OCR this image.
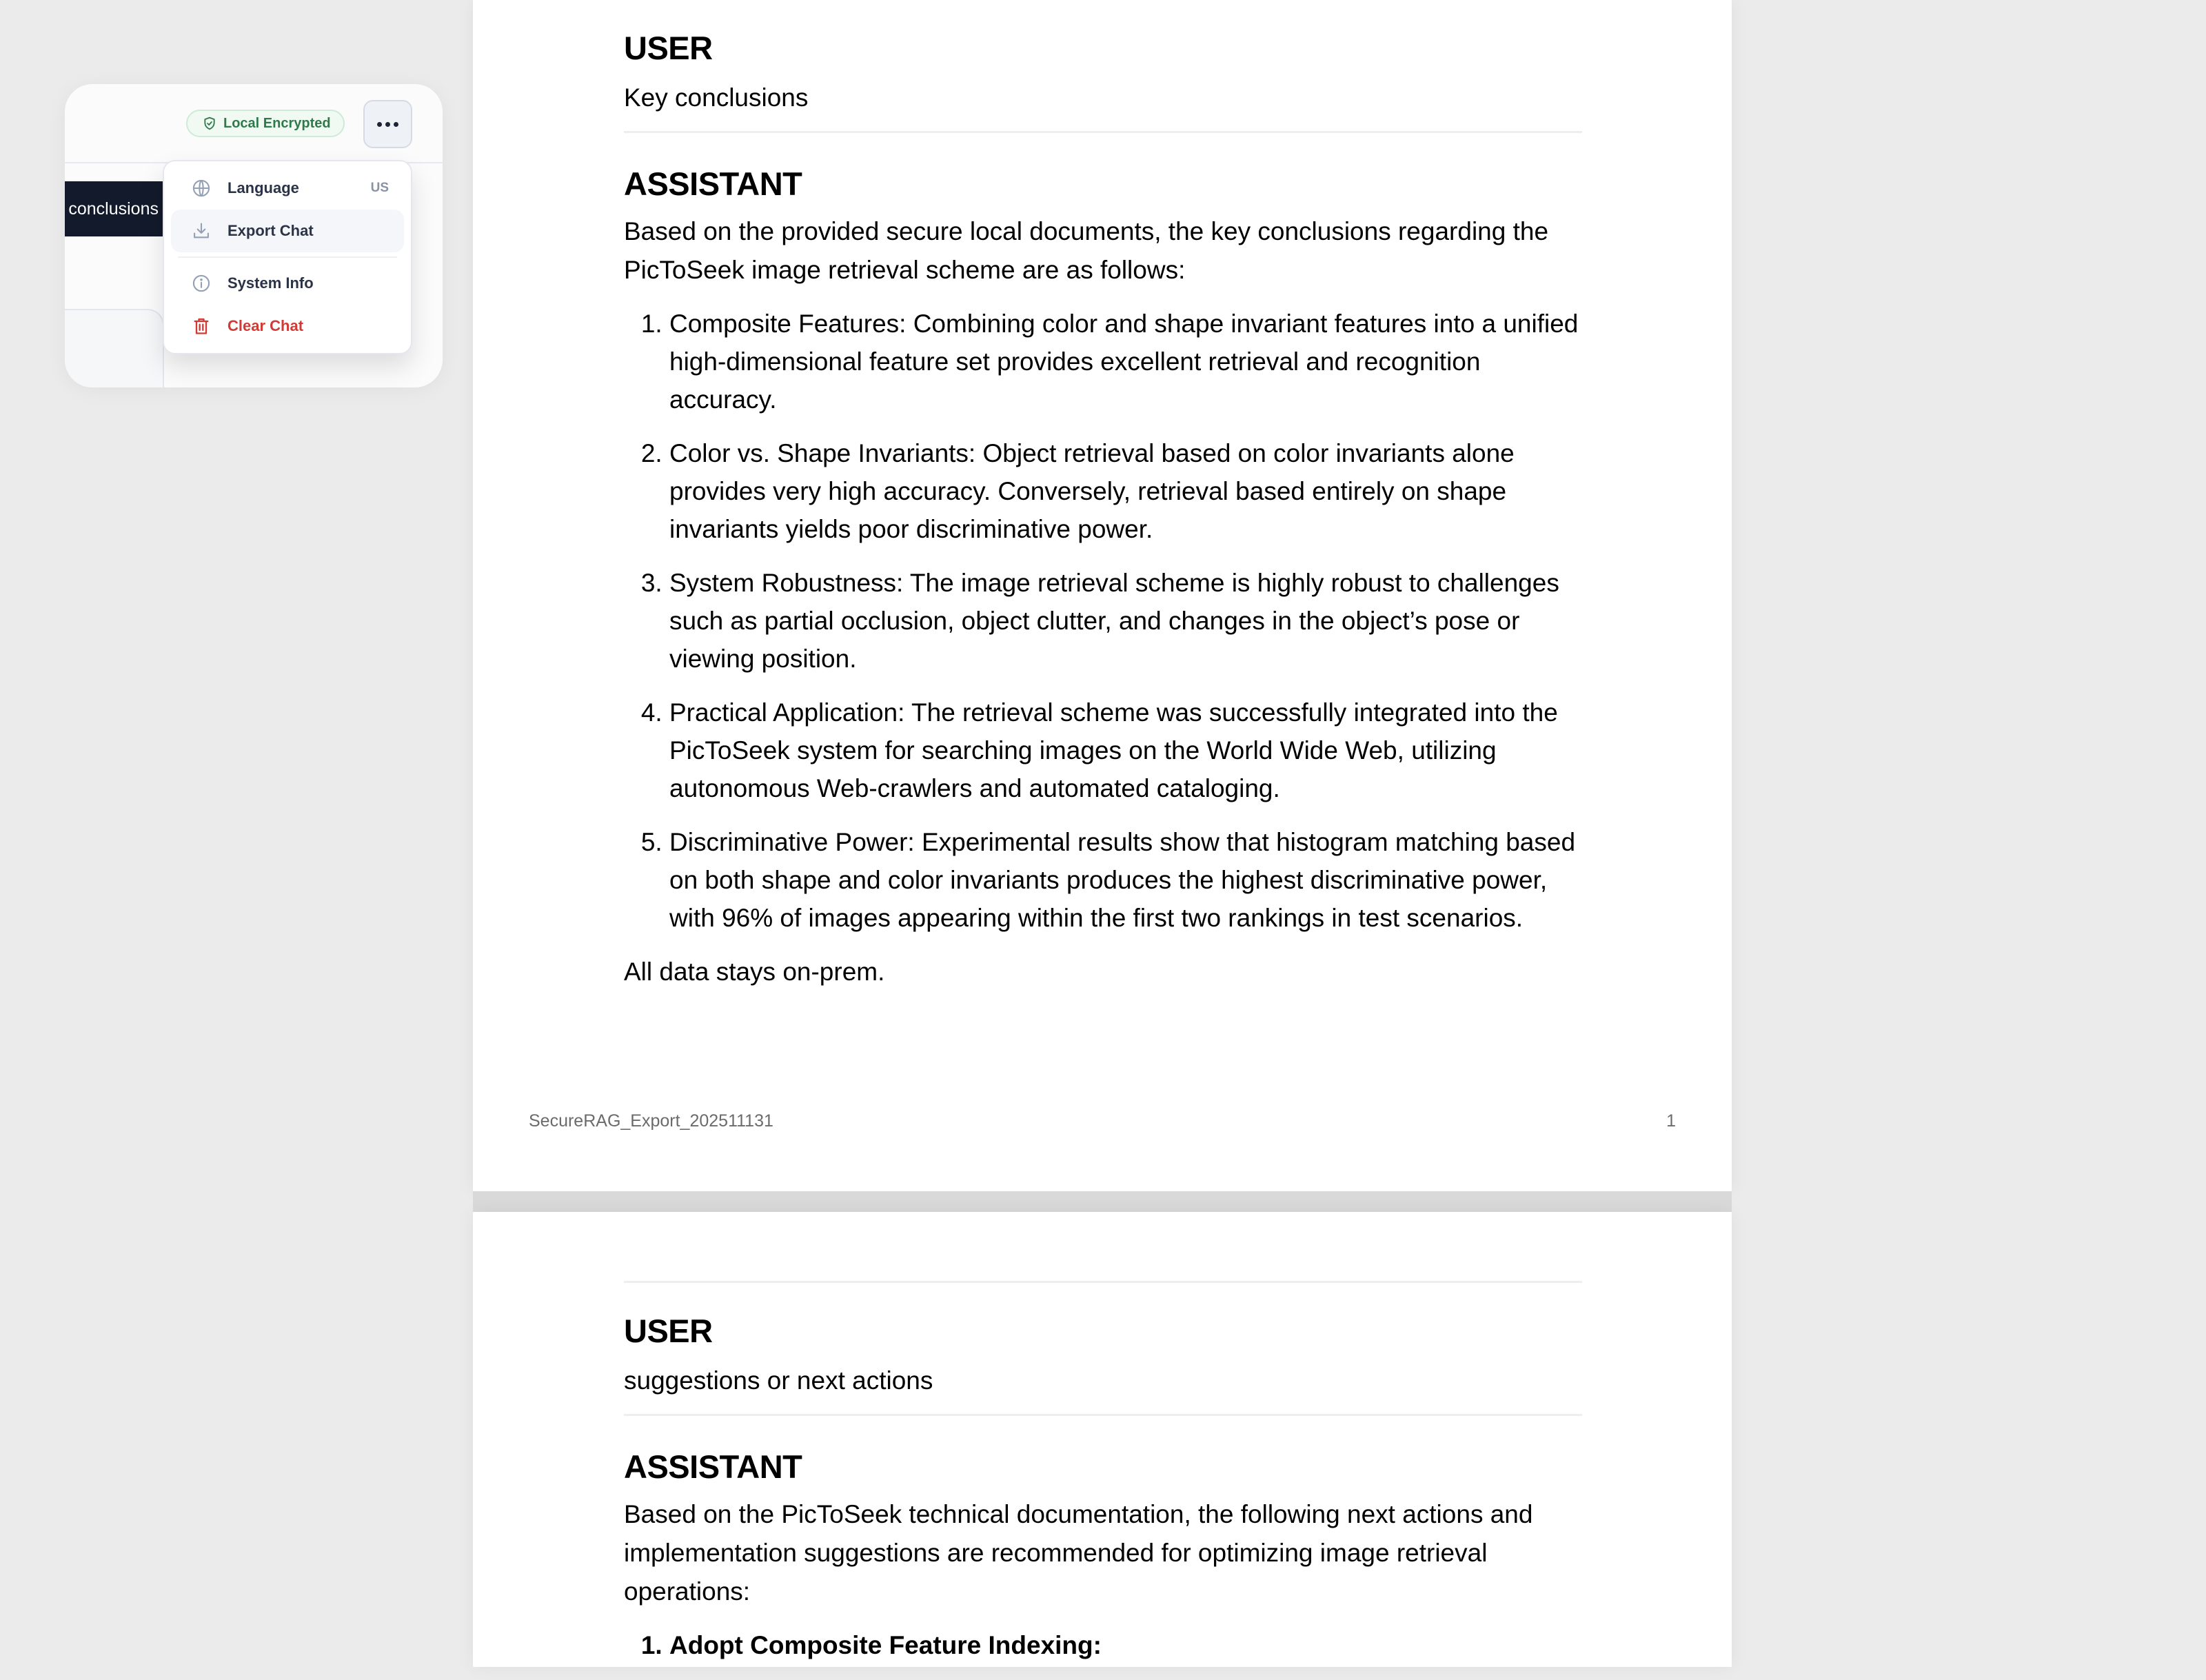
USER

Key conclusions

ASSISTANT

Based on the provided secure local documents, the key conclusions regarding the PicToSeek image retrieval scheme are as follows:

1. Composite Features: Combining color and shape invariant features into a unified high-dimensional feature set provides excellent retrieval and recognition accuracy.
2. Color vs. Shape Invariants: Object retrieval based on color invariants alone provides very high accuracy. Conversely, retrieval based entirely on shape invariants yields poor discriminative power.
3. System Robustness: The image retrieval scheme is highly robust to challenges such as partial occlusion, object clutter, and changes in the object’s pose or viewing position.
4. Practical Application: The retrieval scheme was successfully integrated into the PicToSeek system for searching images on the World Wide Web, utilizing autonomous Web-crawlers and automated cataloging.
5. Discriminative Power: Experimental results show that histogram matching based on both shape and color invariants produces the highest discriminative power, with 96% of images appearing within the first two rankings in test scenarios.

All data stays on-prem.

SecureRAG_Export_202511131	1
USER

suggestions or next actions

ASSISTANT

Based on the PicToSeek technical documentation, the following next actions and implementation suggestions are recommended for optimizing image retrieval operations:

1. Adopt Composite Feature Indexing:
Local Encrypted
conclusions
Language	US
Export Chat
System Info
Clear Chat
